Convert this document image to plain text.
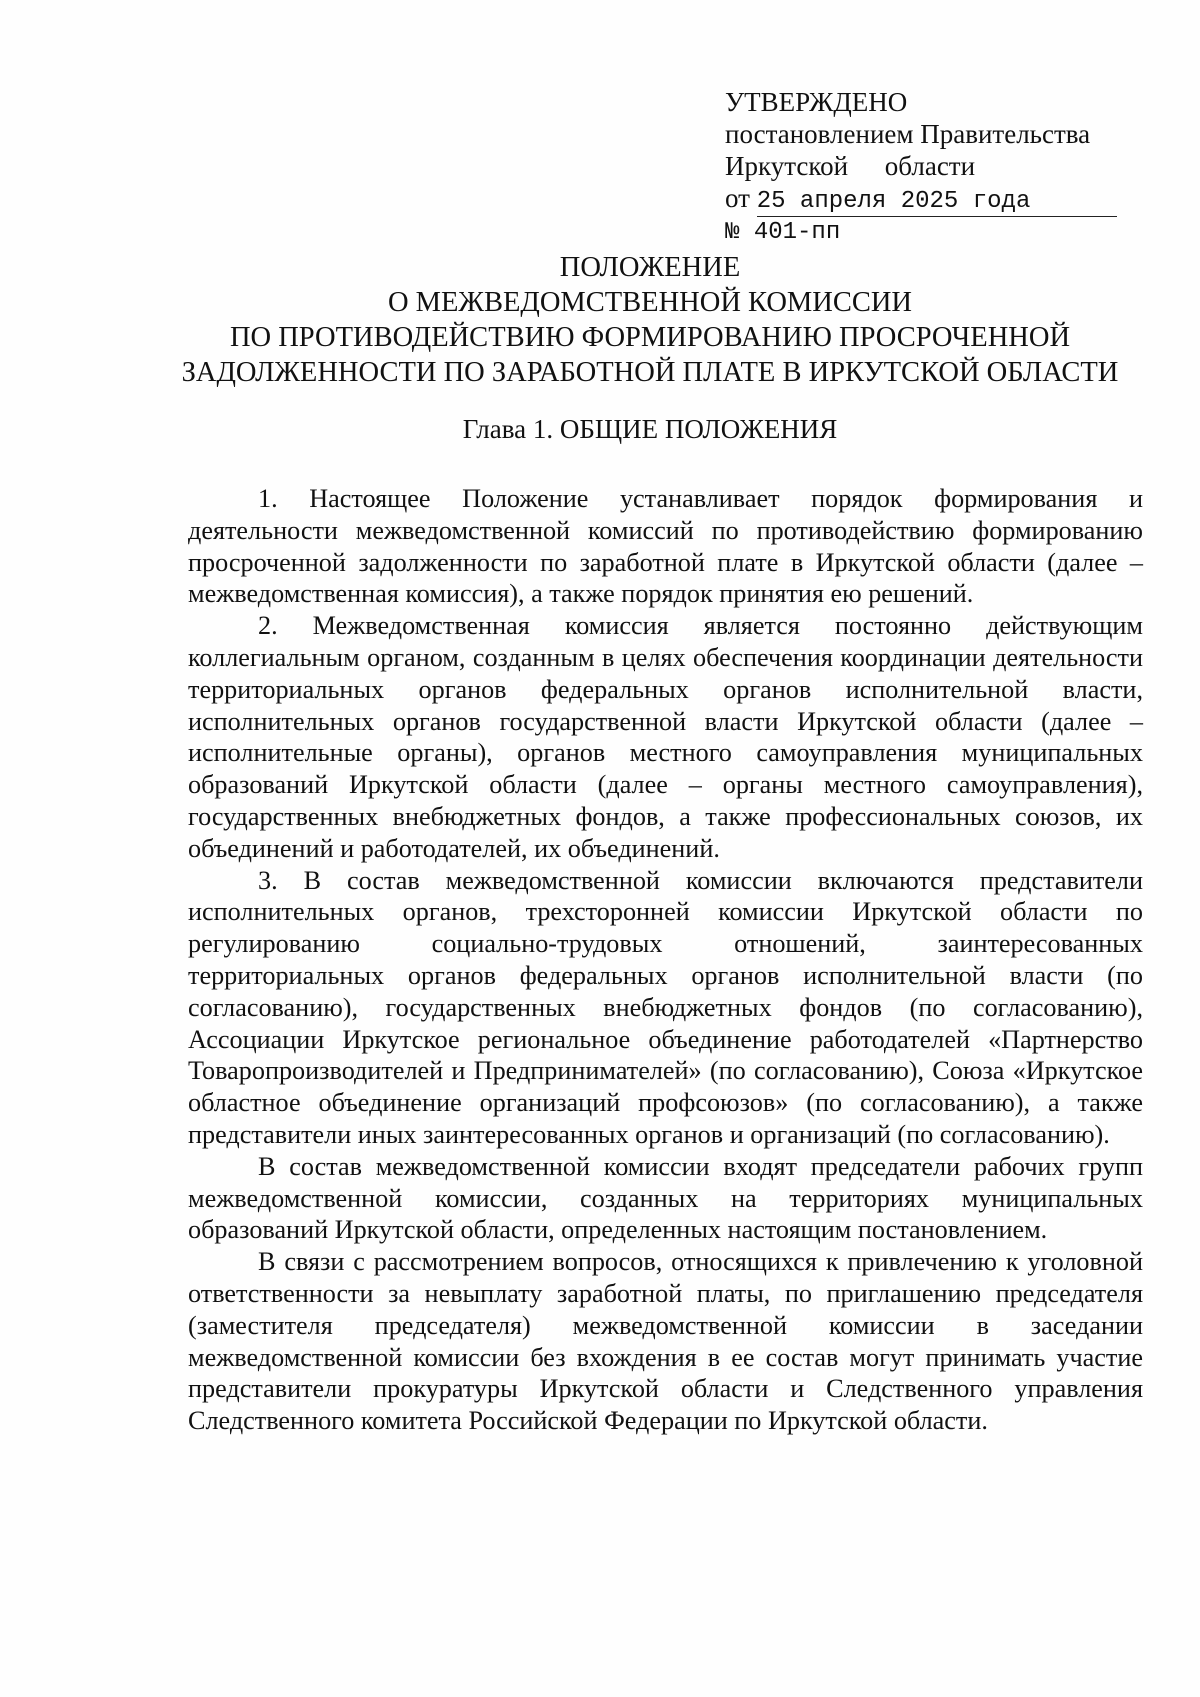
УТВЕРЖДЕНО
постановлением Правительства
Иркутской области
от 25 апреля 2025 года
№ 401-пп
ПОЛОЖЕНИЕ
О МЕЖВЕДОМСТВЕННОЙ КОМИССИИ
ПО ПРОТИВОДЕЙСТВИЮ ФОРМИРОВАНИЮ ПРОСРОЧЕННОЙ
ЗАДОЛЖЕННОСТИ ПО ЗАРАБОТНОЙ ПЛАТЕ В ИРКУТСКОЙ ОБЛАСТИ
Глава 1. ОБЩИЕ ПОЛОЖЕНИЯ

1. Настоящее Положение устанавливает порядок формирования и деятельности межведомственной комиссий по противодействию формированию просроченной задолженности по заработной плате в Иркутской области (далее – межведомственная комиссия), а также порядок принятия ею решений.

2. Межведомственная комиссия является постоянно действующим коллегиальным органом, созданным в целях обеспечения координации деятельности территориальных органов федеральных органов исполнительной власти, исполнительных органов государственной власти Иркутской области (далее – исполнительные органы), органов местного самоуправления муниципальных образований Иркутской области (далее – органы местного самоуправления), государственных внебюджетных фондов, а также профессиональных союзов, их объединений и работодателей, их объединений.

3. В состав межведомственной комиссии включаются представители исполнительных органов, трехсторонней комиссии Иркутской области по регулированию социально-трудовых отношений, заинтересованных территориальных органов федеральных органов исполнительной власти (по согласованию), государственных внебюджетных фондов (по согласованию), Ассоциации Иркутское региональное объединение работодателей «Партнерство Товаропроизводителей и Предпринимателей» (по согласованию), Союза «Иркутское областное объединение организаций профсоюзов» (по согласованию), а также представители иных заинтересованных органов и организаций (по согласованию).

В состав межведомственной комиссии входят председатели рабочих групп межведомственной комиссии, созданных на территориях муниципальных образований Иркутской области, определенных настоящим постановлением.

В связи с рассмотрением вопросов, относящихся к привлечению к уголовной ответственности за невыплату заработной платы, по приглашению председателя (заместителя председателя) межведомственной комиссии в заседании межведомственной комиссии без вхождения в ее состав могут принимать участие представители прокуратуры Иркутской области и Следственного управления Следственного комитета Российской Федерации по Иркутской области.
